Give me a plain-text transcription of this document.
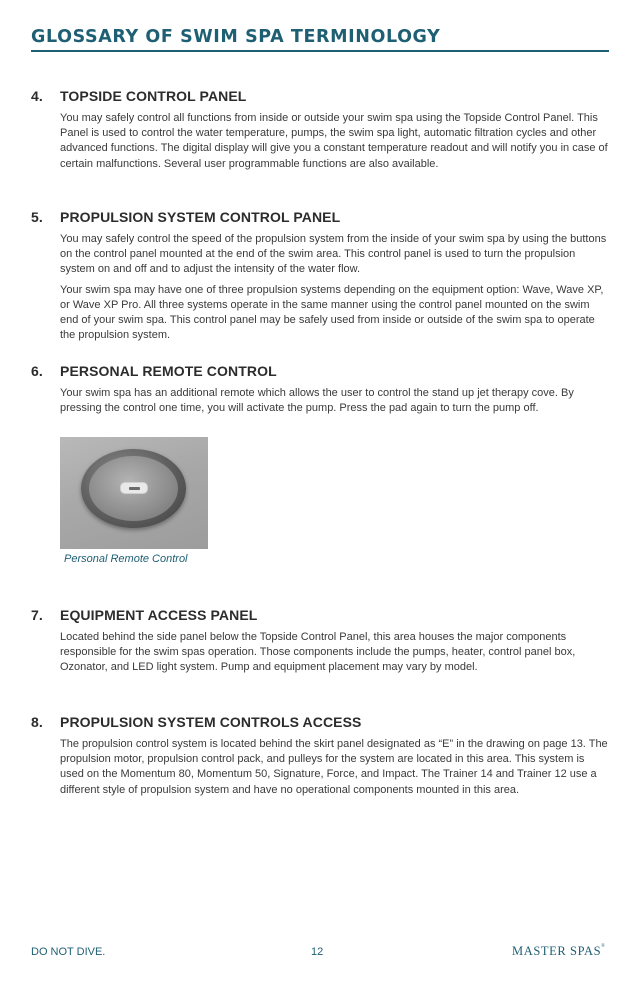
GLOSSARY OF SWIM SPA TERMINOLOGY
4.	TOPSIDE CONTROL PANEL

You may safely control all functions from inside or outside your swim spa using the Topside Control Panel. This Panel is used to control the water temperature, pumps, the swim spa light, automatic filtration cycles and other advanced functions. The digital display will give you a constant temperature readout and will notify you in case of certain malfunctions. Several user programmable functions are also available.

5.	PROPULSION SYSTEM CONTROL PANEL

You may safely control the speed of the propulsion system from the inside of your swim spa by using the buttons on the control panel mounted at the end of the swim area. This control panel is used to turn the propulsion system on and off and to adjust the intensity of the water flow.

Your swim spa may have one of three propulsion systems depending on the equipment option: Wave, Wave XP, or Wave XP Pro. All three systems operate in the same manner using the control panel mounted on the swim end of your swim spa. This control panel may be safely used from inside or outside of the swim spa to operate the propulsion system.

6.	PERSONAL REMOTE CONTROL

Your swim spa has an additional remote which allows the user to control the stand up jet therapy cove. By pressing the control one time, you will activate the pump. Press the pad again to turn the pump off.

Personal Remote Control
7.	EQUIPMENT ACCESS PANEL

Located behind the side panel below the Topside Control Panel, this area houses the major components responsible for the swim spas operation. Those components include the pumps, heater, control panel box, Ozonator, and LED light system. Pump and equipment placement may vary by model.

8.	PROPULSION SYSTEM CONTROLS ACCESS

The propulsion control system is located behind the skirt panel designated as “E” in the drawing on page 13. The propulsion motor, propulsion control pack, and pulleys for the system are located in this area. This system is used on the Momentum 80, Momentum 50, Signature, Force, and Impact. The Trainer 14 and Trainer 12 use a different style of propulsion system and have no operational components mounted in this area.

DO NOT DIVE.	12	MASTER SPAS®
